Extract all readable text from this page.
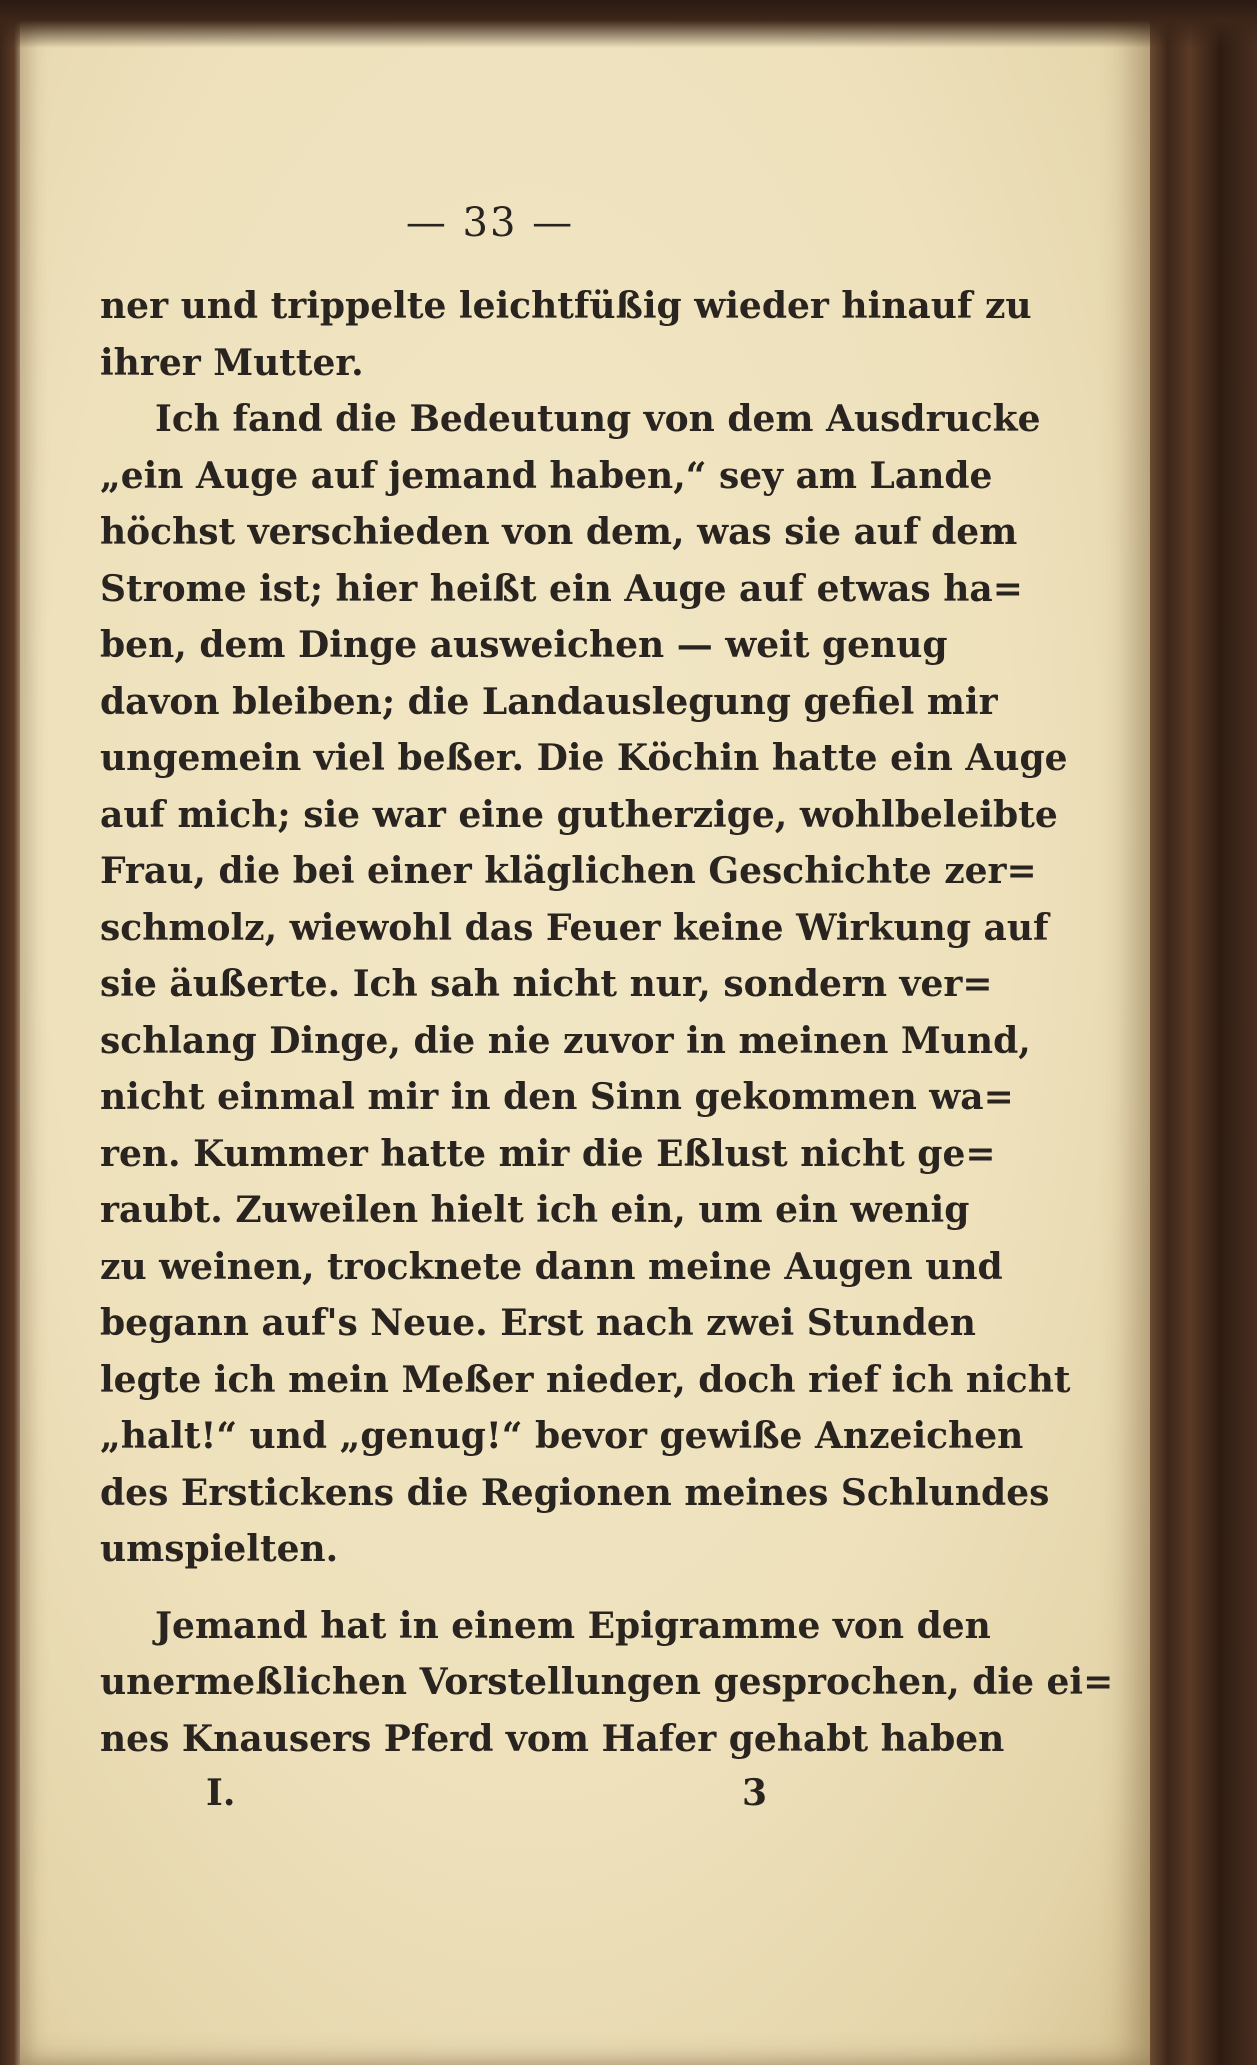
— 33 —
ner und trippelte leichtfüßig wieder hinauf zu
ihrer Mutter.
Ich fand die Bedeutung von dem Ausdrucke
„ein Auge auf jemand haben,“ sey am Lande
höchst verschieden von dem, was sie auf dem
Strome ist; hier heißt ein Auge auf etwas ha=
ben, dem Dinge ausweichen — weit genug
davon bleiben; die Landauslegung gefiel mir
ungemein viel beßer. Die Köchin hatte ein Auge
auf mich; sie war eine gutherzige, wohlbeleibte
Frau, die bei einer kläglichen Geschichte zer=
schmolz, wiewohl das Feuer keine Wirkung auf
sie äußerte. Ich sah nicht nur, sondern ver=
schlang Dinge, die nie zuvor in meinen Mund,
nicht einmal mir in den Sinn gekommen wa=
ren. Kummer hatte mir die Eßlust nicht ge=
raubt. Zuweilen hielt ich ein, um ein wenig
zu weinen, trocknete dann meine Augen und
begann auf's Neue. Erst nach zwei Stunden
legte ich mein Meßer nieder, doch rief ich nicht
„halt!“ und „genug!“ bevor gewiße Anzeichen
des Erstickens die Regionen meines Schlundes
umspielten.
Jemand hat in einem Epigramme von den
unermeßlichen Vorstellungen gesprochen, die ei=
nes Knausers Pferd vom Hafer gehabt haben
I.	3
